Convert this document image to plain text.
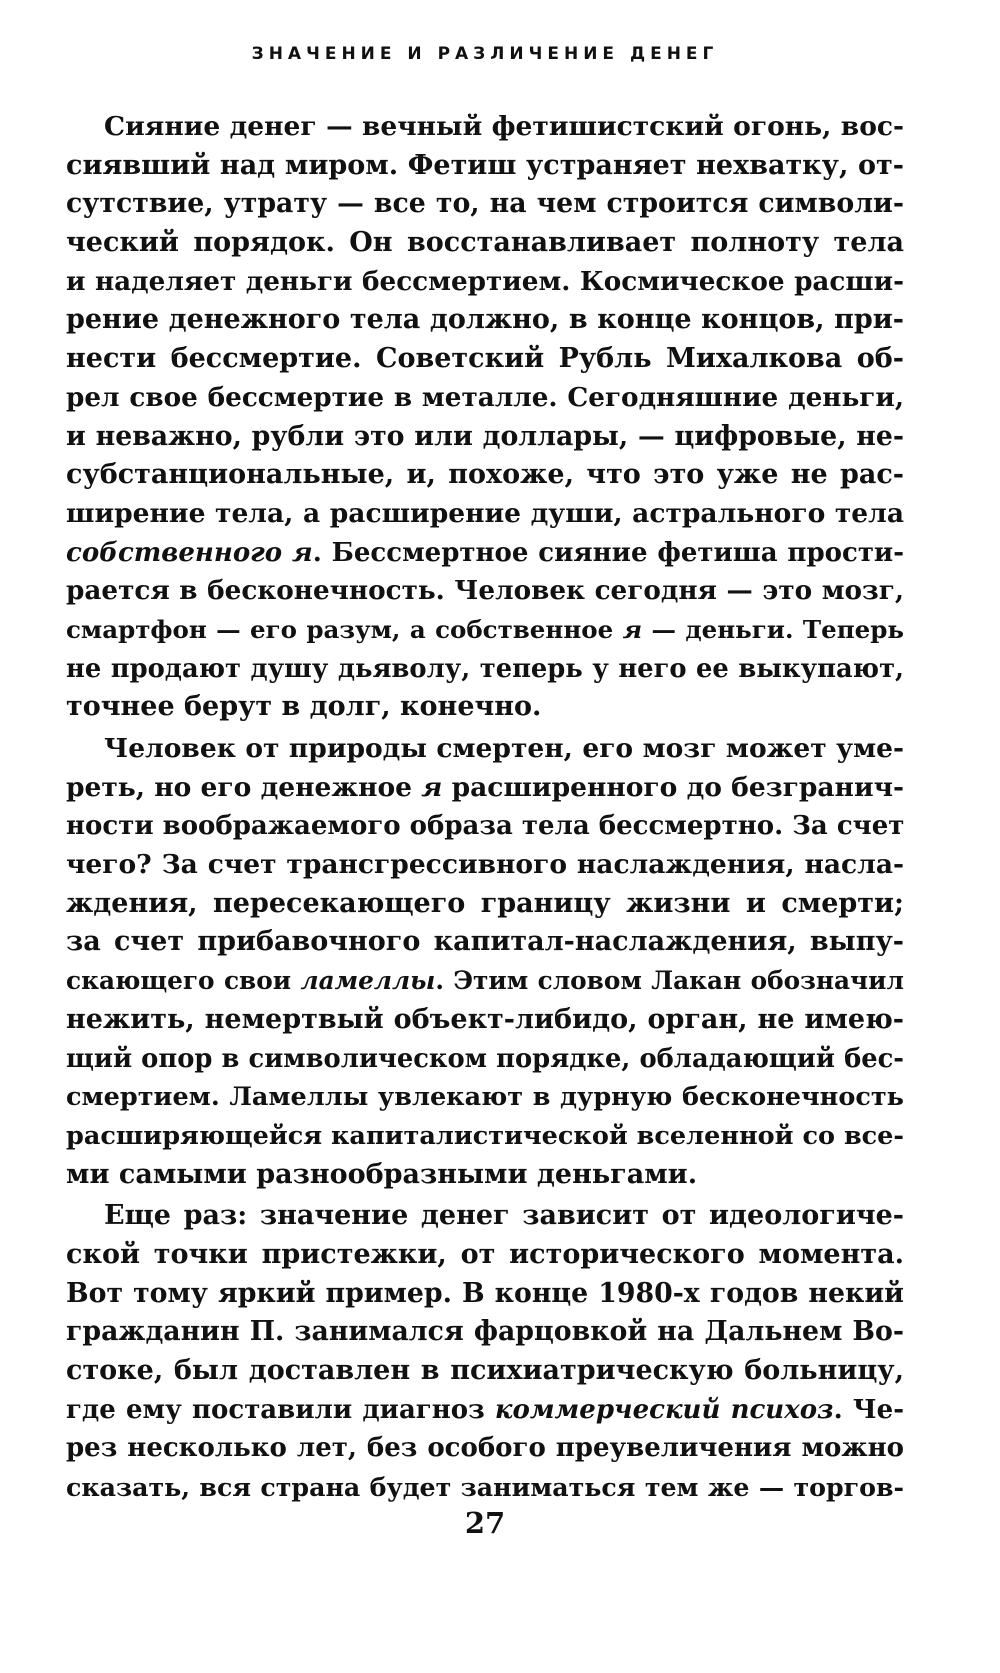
ЗНАЧЕНИЕ И РАЗЛИЧЕНИЕ ДЕНЕГ
Сияние денег — вечный фетишистский огонь, вос-
сиявший над миром. Фетиш устраняет нехватку, от-
сутствие, утрату — все то, на чем строится символи-
ческий порядок. Он восстанавливает полноту тела
и наделяет деньги бессмертием. Космическое расши-
рение денежного тела должно, в конце концов, при-
нести бессмертие. Советский Рубль Михалкова об-
рел свое бессмертие в металле. Сегодняшние деньги,
и неважно, рубли это или доллары, — цифровые, не-
субстанциональные, и, похоже, что это уже не рас-
ширение тела, а расширение души, астрального тела
собственного я. Бессмертное сияние фетиша прости-
рается в бесконечность. Человек сегодня — это мозг,
смартфон — его разум, а собственное я — деньги. Теперь
не продают душу дьяволу, теперь у него ее выкупают,
точнее берут в долг, конечно.
Человек от природы смертен, его мозг может уме-
реть, но его денежное я расширенного до безгранич-
ности воображаемого образа тела бессмертно. За счет
чего? За счет трансгрессивного наслаждения, насла-
ждения, пересекающего границу жизни и смерти;
за счет прибавочного капитал-наслаждения, выпу-
скающего свои ламеллы. Этим словом Лакан обозначил
нежить, немертвый объект-либидо, орган, не имею-
щий опор в символическом порядке, обладающий бес-
смертием. Ламеллы увлекают в дурную бесконечность
расширяющейся капиталистической вселенной со все-
ми самыми разнообразными деньгами.
Еще раз: значение денег зависит от идеологиче-
ской точки пристежки, от исторического момента.
Вот тому яркий пример. В конце 1980-х годов некий
гражданин П. занимался фарцовкой на Дальнем Во-
стоке, был доставлен в психиатрическую больницу,
где ему поставили диагноз коммерческий психоз. Че-
рез несколько лет, без особого преувеличения можно
сказать, вся страна будет заниматься тем же — торгов-
27
